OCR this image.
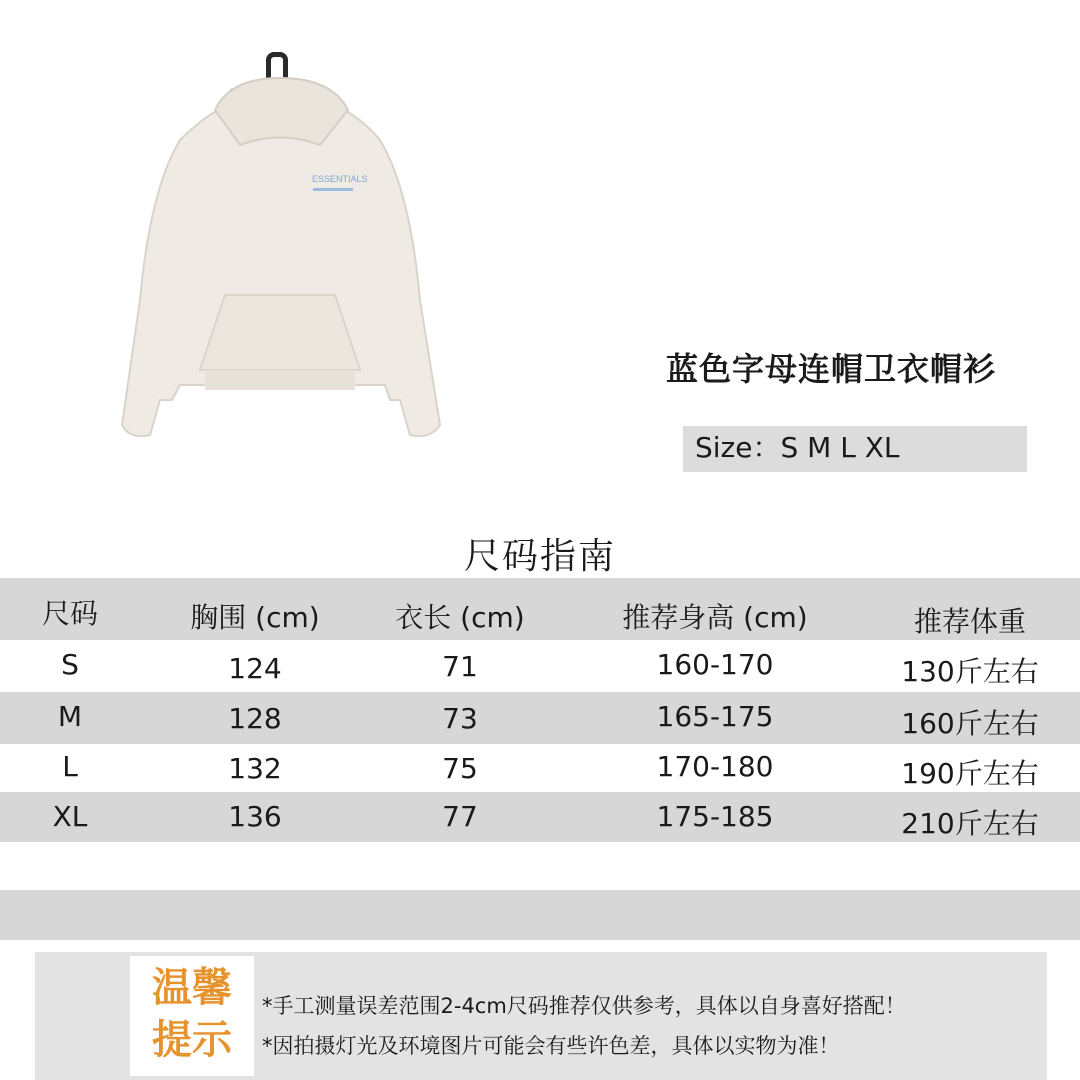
ESSENTIALS
蓝色字母连帽卫衣帽衫
Size：S M L XL
尺码指南
尺码	胸围 (cm)	衣长 (cm)	推荐身高 (cm)	推荐体重
S	124	71	160-170	130斤左右
M	128	73	165-175	160斤左右
L	132	75	170-180	190斤左右
XL	136	77	175-185	210斤左右
温馨
提示
*手工测量误差范围2-4cm尺码推荐仅供参考，具体以自身喜好搭配！
*因拍摄灯光及环境图片可能会有些许色差，具体以实物为准！
